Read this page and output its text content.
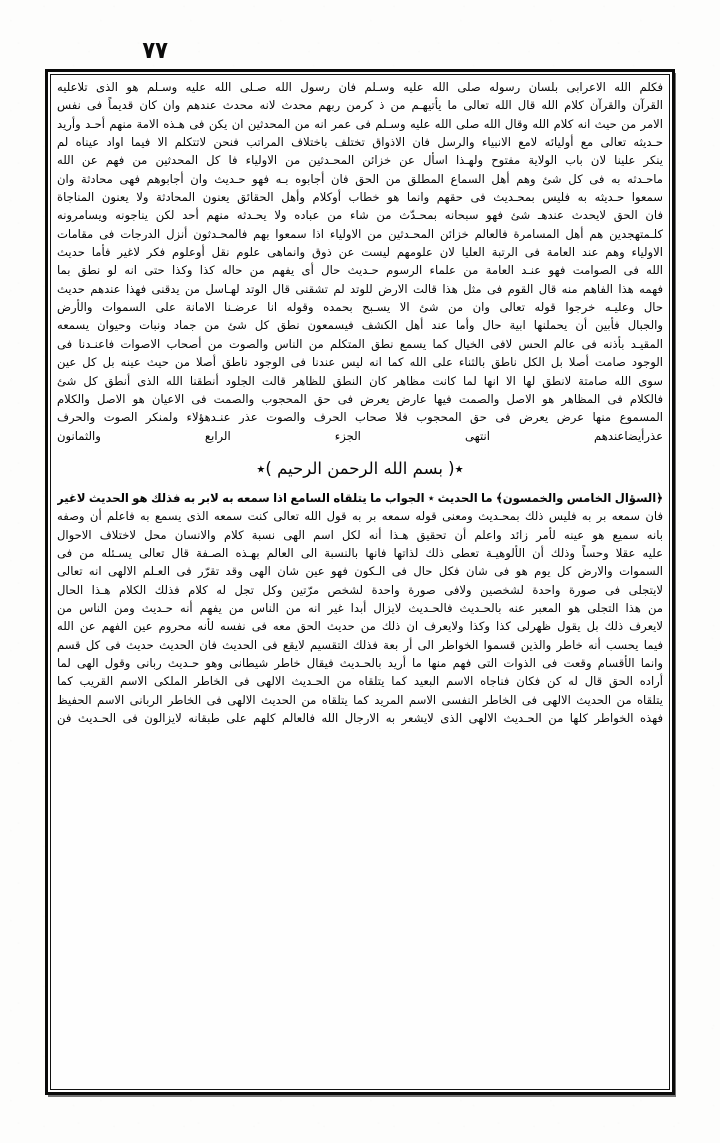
٧٧
فكلم الله الاعرابى بلسان رسوله صلى الله عليه وسـلم فان رسول الله صـلى الله عليه وسـلم هو الذى تلاعليه
القرآن والقرآن كلام الله قال الله تعالى ما يأتيهـم من ذ كرمن ربهم محدث لانه محدث عندهم وان كان قديماً فى نفس
الامر من حيث انه كلام الله وقال الله صلى الله عليه وسـلم فى عمر انه من المحدثين ان يكن فى هـذه الامة منهم أحـد وأريد
حـديثه تعالى مع أوليائه لامع الانبياء والرسل فان الاذواق تختلف باختلاف المراتب فنحن لاتتكلم الا فيما اواد عيناه لم
ينكر علينا لان باب الولاية مفتوح ولهـذا اسأل عن خزائن المحـدثين من الاولياء فا كل المحدثين من فهم عن الله
ماحـدثه به فى كل شئ وهم أهل السماع المطلق من الحق فان أجابوه بـه فهو حـديث وان أجابوهم فهى محادثة وان
سمعوا حـديثه به فليس بمحـديث فى حقهم وانما هو خطاب أوكلام وأهل الحقائق يعنون المحادثة ولا يعنون المناجاة
فان الحق لايحدث عندهـ شئ فهو سبحانه بمحـدّث من شاء من عباده ولا يحـدثه منهم أحد لكن يناجونه ويسامرونه
كلـمتهجدين هم أهل المسامرة فالعالم خزائن المحـدثين من الاولياء اذا سمعوا بهم فالمحـدثون أنزل الدرجات فى مقامات
الاولياء وهم عند العامة فى الرتبة العليا لان علومهم ليست عن ذوق وانماهى علوم نقل أوعلوم فكر لاغير فأما حديث
الله فى الصوامت فهو عنـد العامة من علماء الرسوم حـديث حال أى يفهم من حاله كذا وكذا حتى انه لو نطق بما
فهمه هذا الفاهم منه قال القوم فى مثل هذا قالت الارض للوتد لم تشقنى قال الوتد لهـاسل من يدقنى فهذا عندهم حديث
حال وعليـه خرجوا قوله تعالى وان من شئ الا يسـبح بحمده وقوله انا عرضـنا الامانة على السموات والأرض
والجبال فأبين أن يحملنها ابية حال وأما عند أهل الكشف فيسمعون نطق كل شئ من جماد ونبات وحيوان يسمعه
المقيـد بأذنه فى عالم الحس لافى الخيال كما يسمع نطق المتكلم من الناس والصوت من أصحاب الاصوات فاعنـدنا فى
الوجود صامت أصلا بل الكل ناطق بالثناء على الله كما انه ليس عندنا فى الوجود ناطق أصلا من حيث عينه بل كل عين
سوى الله صامتة لانطق لها الا انها لما كانت مظاهر كان النطق للظاهر قالت الجلود أنطقنا الله الذى أنطق كل شئ
فالكلام فى المظاهر هو الاصل والصمت فيها عارض يعرض فى حق المحجوب والصمت فى الاعيان هو الاصل والكلام
المسموع منها عرض يعرض فى حق المحجوب فلا صحاب الحرف والصوت عذر عنـدهؤلاء ولمنكر الصوت والحرف
عذرأيضاعندهم انتهى الجزء الرابع والثمانون
٭( بسم الله الرحمن الرحيم )٭
﴿السؤال الخامس والخمسون﴾ ما الحديث ٭ الجواب ما يتلقاه السامع اذا سمعه به لابر به فذلك هو الحديث لاغير
فان سمعه بر به فليس ذلك بمحـديث ومعنى قوله سمعه بر به قول الله تعالى كنت سمعه الذى يسمع به فاعلم أن وصفه
بانه سميع هو عينه لأمر زائد واعلم أن تحقيق هـذا أنه لكل اسم الهى نسبة كلام والانسان محل لاختلاف الاحوال
عليه عقلا وحساً وذلك أن الألوهيـة تعطى ذلك لذاتها فانها بالنسبة الى العالم بهـذه الصـفة قال تعالى يسـئله من فى
السموات والارض كل يوم هو فى شان فكل حال فى الـكون فهو عين شان الهى وقد تقرّر فى العـلم الالهى انه تعالى
لايتجلى فى صورة واحدة لشخصين ولافى صورة واحدة لشخص مرّتين وكل تجل له كلام فذلك الكلام هـذا الحال
من هذا التجلى هو المعبر عنه بالحـديث فالحـديث لايزال أبدا غير انه من الناس من يفهم أنه حـديث ومن الناس من
لايعرف ذلك بل يقول ظهرلى كذا وكذا ولايعرف ان ذلك من حديث الحق معه فى نفسه لأنه محروم عين الفهم عن الله
فيما يحسب أنه خاطر والذين قسموا الخواطر الى أر بعة فذلك التقسيم لايقع فى الحديث فان الحديث حديث فى كل قسم
وانما الأقسام وقعت فى الذوات التى فهم منها ما أريد بالحـديث فيقال خاطر شيطانى وهو حـديث ربانى وقول الهى لما
أراده الحق قال له كن فكان فناجاه الاسم البعيد كما يتلقاه من الحـديث الالهى فى الخاطر الملكى الاسم القريب كما
يتلقاه من الحديث الالهى فى الخاطر النفسى الاسم المريد كما يتلقاه من الحديث الالهى فى الخاطر الربانى الاسم الحفيظ
فهذه الخواطر كلها من الحـديث الالهى الذى لايشعر به الارجال الله فالعالم كلهم على طبقانه لايزالون فى الحـديث فن
